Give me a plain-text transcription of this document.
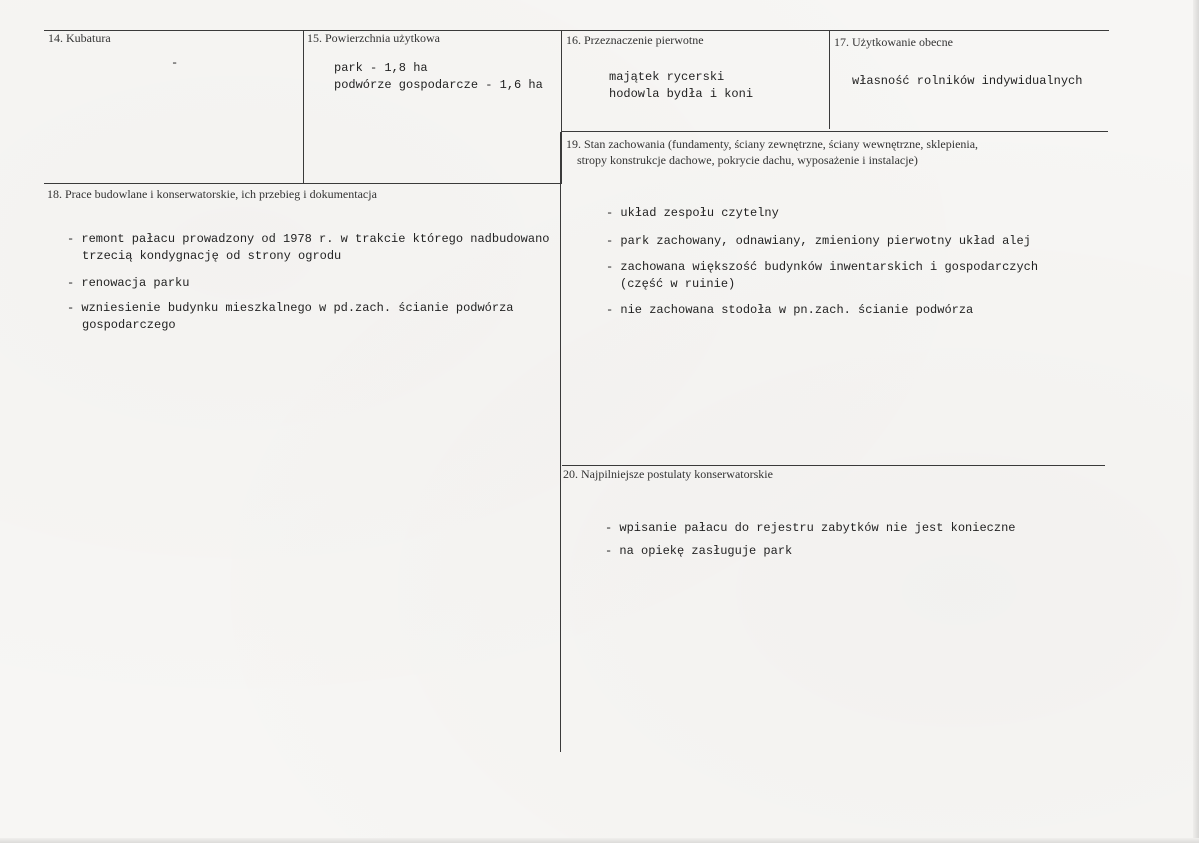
14. Kubatura
-
15. Powierzchnia użytkowa
park - 1,8 ha
podwórze gospodarcze - 1,6 ha
16. Przeznaczenie pierwotne
majątek rycerski
hodowla bydła i koni
17. Użytkowanie obecne
własność rolników indywidualnych
19. Stan zachowania (fundamenty, ściany zewnętrzne, ściany wewnętrzne, sklepienia,
stropy konstrukcje dachowe, pokrycie dachu, wyposażenie i instalacje)
- układ zespołu czytelny
- park zachowany, odnawiany, zmieniony pierwotny układ alej
- zachowana większość budynków inwentarskich i gospodarczych
(część w ruinie)
- nie zachowana stodoła w pn.zach. ścianie podwórza
18. Prace budowlane i konserwatorskie, ich przebieg i dokumentacja
- remont pałacu prowadzony od 1978 r. w trakcie którego nadbudowano
trzecią kondygnację od strony ogrodu
- renowacja parku
- wzniesienie budynku mieszkalnego w pd.zach. ścianie podwórza
gospodarczego
20. Najpilniejsze postulaty konserwatorskie
- wpisanie pałacu do rejestru zabytków nie jest konieczne
- na opiekę zasługuje park
